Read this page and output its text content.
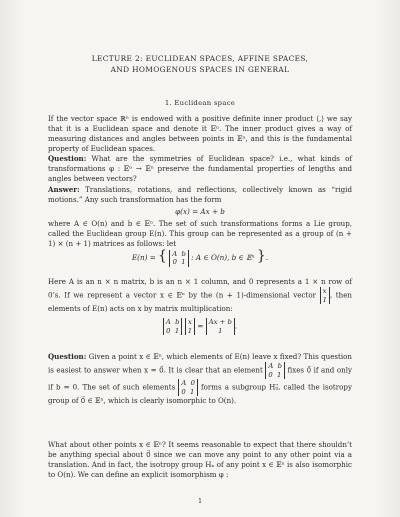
LECTURE 2: EUCLIDEAN SPACES, AFFINE SPACES,
AND HOMOGENOUS SPACES IN GENERAL
1. Euclidean space
If the vector space ℝⁿ is endowed with a positive definite inner product ⟨,⟩ we say that it is a Euclidean space and denote it 𝔼ⁿ. The inner product gives a way of measuring distances and angles between points in 𝔼ⁿ, and this is the fundamental property of Euclidean spaces.
Question: What are the symmetries of Euclidean space? i.e., what kinds of transformations φ : 𝔼ⁿ → 𝔼ⁿ preserve the fundamental properties of lengths and angles between vectors?
Answer: Translations, rotations, and reflections, collectively known as “rigid motions.” Any such transformation has the form
φ(x) = Ax + b
where A ∈ O(n) and b ∈ 𝔼ⁿ. The set of such transformations forms a Lie group, called the Euclidean group E(n). This group can be represented as a group of (n + 1) × (n + 1) matrices as follows: let
E(n) = { A b
0 1 : A ∈ O(n), b ∈ 𝔼ⁿ }.
Here A is an n × n matrix, b is an n × 1 column, and 0 represents a 1 × n row of 0’s. If we represent a vector x ∈ 𝔼ⁿ by the (n + 1)-dimensional vector x
1 , then elements of E(n) acts on x by matrix multiplication:
A b
0 1

x
1 = Ax + b
1	.
Question: Given a point x ∈ 𝔼ⁿ, which elements of E(n) leave x fixed? This question is easiest to answer when x = 0⃗. It is clear that an element A b
0 1 fixes 0⃗ if and only if b = 0. The set of such elements A 0
0 1 forms a subgroup H₀⃗, called the isotropy group of 0⃗ ∈ 𝔼ⁿ, which is clearly isomorphic to O(n).
What about other points x ∈ 𝔼ⁿ? It seems reasonable to expect that there shouldn’t be anything special about 0⃗ since we can move any point to any other point via a translation. And in fact, the isotropy group Hₓ of any point x ∈ 𝔼ⁿ is also isomorphic to O(n). We can define an explicit isomorphism φ :
1
